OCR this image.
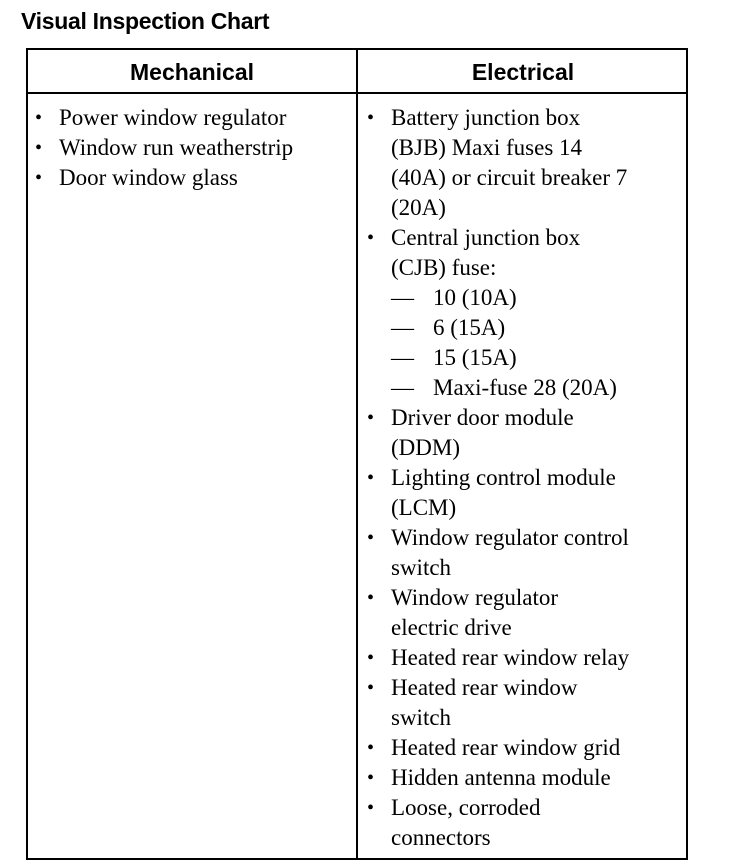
Visual Inspection Chart
Mechanical	Electrical
• Power window regulator
• Window run weatherstrip
• Door window glass
• Battery junction box
(BJB) Maxi fuses 14
(40A) or circuit breaker 7
(20A)
• Central junction box
(CJB) fuse:
— 10 (10A)
— 6 (15A)
— 15 (15A)
— Maxi-fuse 28 (20A)
• Driver door module
(DDM)
• Lighting control module
(LCM)
• Window regulator control
switch
• Window regulator
electric drive
• Heated rear window relay
• Heated rear window
switch
• Heated rear window grid
• Hidden antenna module
• Loose, corroded
connectors
